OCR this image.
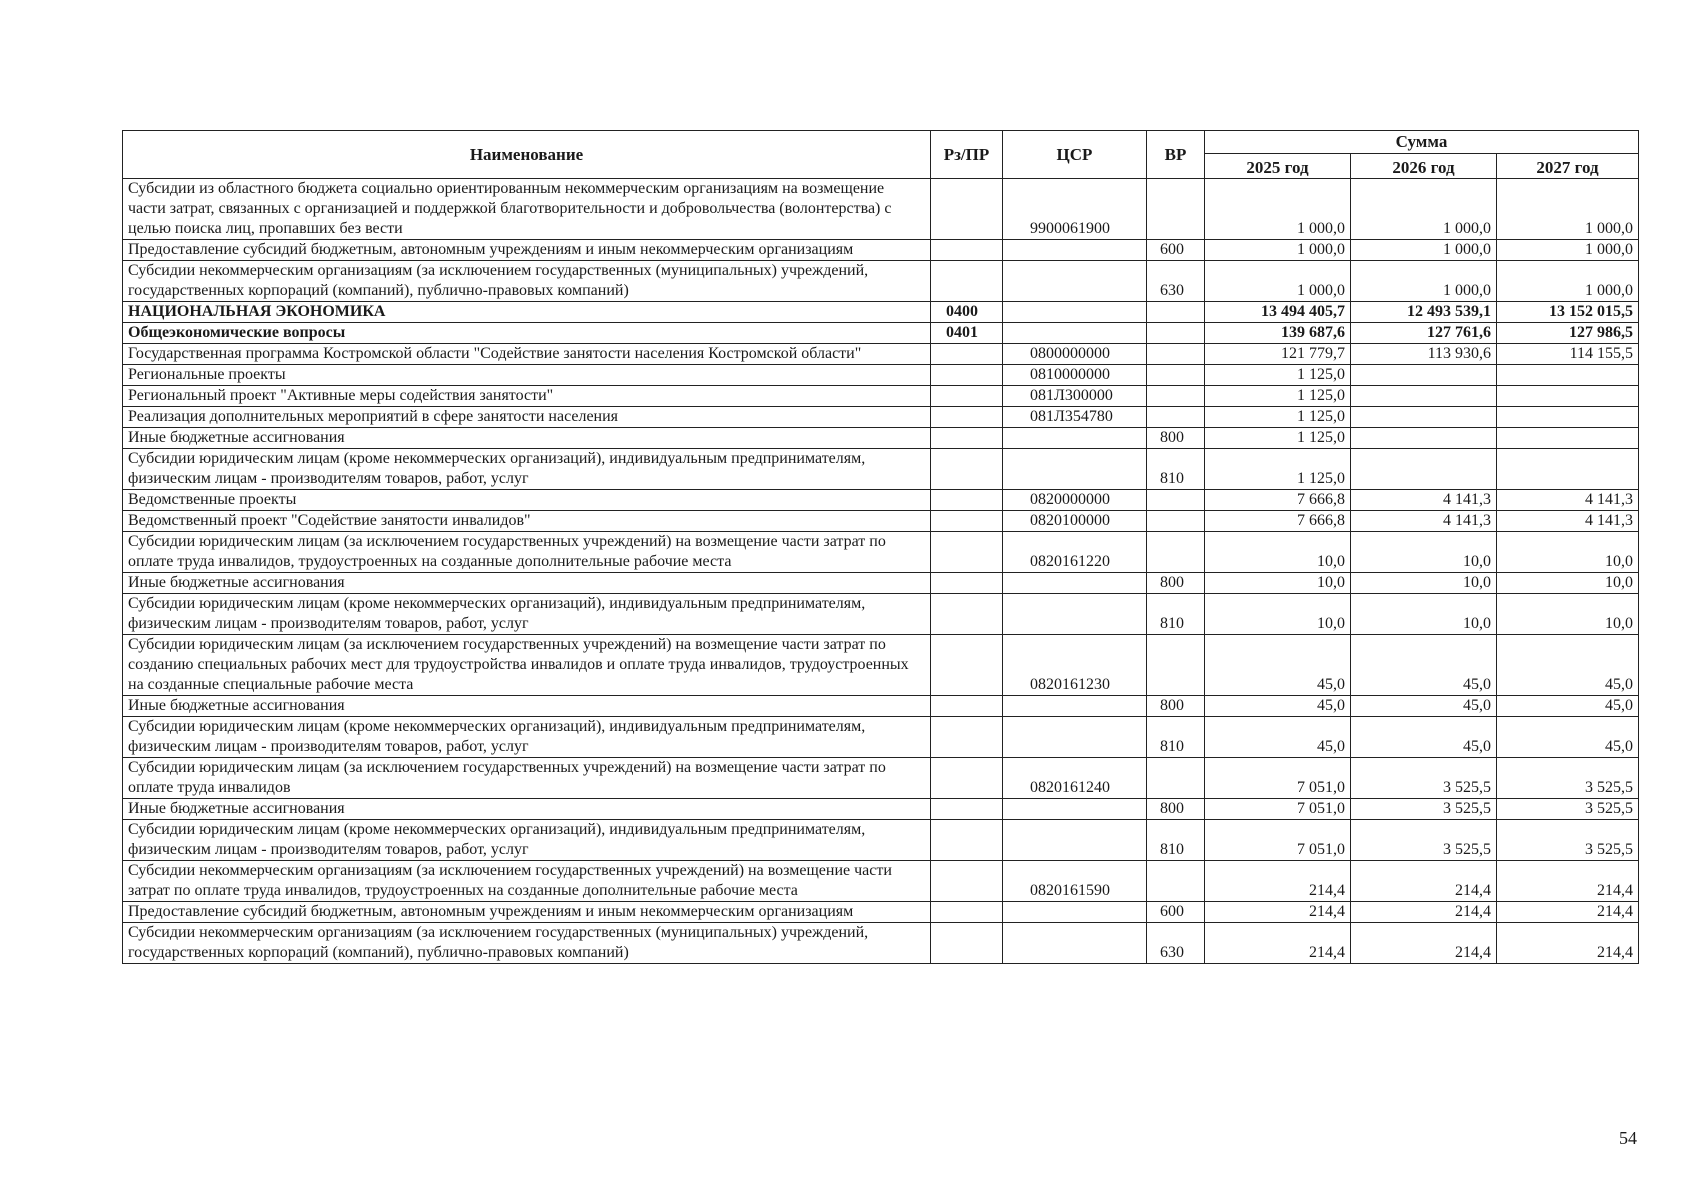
Наименование	Рз/ПР	ЦСР	ВР	Сумма		
				2025 год	2026 год	2027 год
Субсидии из областного бюджета социально ориентированным некоммерческим организациям на возмещение части затрат, связанных с организацией и поддержкой благотворительности и добровольчества (волонтерства) с целью поиска лиц, пропавших без вести		9900061900		1 000,0	1 000,0	1 000,0
Предоставление субсидий бюджетным, автономным учреждениям и иным некоммерческим организациям			600	1 000,0	1 000,0	1 000,0
Субсидии некоммерческим организациям (за исключением государственных (муниципальных) учреждений, государственных корпораций (компаний), публично-правовых компаний)			630	1 000,0	1 000,0	1 000,0
НАЦИОНАЛЬНАЯ ЭКОНОМИКА	0400			13 494 405,7	12 493 539,1	13 152 015,5
Общеэкономические вопросы	0401			139 687,6	127 761,6	127 986,5
Государственная программа Костромской области "Содействие занятости населения Костромской области"		0800000000		121 779,7	113 930,6	114 155,5
Региональные проекты		0810000000		1 125,0		
Региональный проект "Активные меры содействия занятости"		081Л300000		1 125,0		
Реализация дополнительных мероприятий в сфере занятости населения		081Л354780		1 125,0		
Иные бюджетные ассигнования			800	1 125,0		
Субсидии юридическим лицам (кроме некоммерческих организаций), индивидуальным предпринимателям, физическим лицам - производителям товаров, работ, услуг			810	1 125,0		
Ведомственные проекты		0820000000		7 666,8	4 141,3	4 141,3
Ведомственный проект "Содействие занятости инвалидов"		0820100000		7 666,8	4 141,3	4 141,3
Субсидии юридическим лицам (за исключением государственных учреждений) на возмещение части затрат по оплате труда инвалидов, трудоустроенных на созданные дополнительные рабочие места		0820161220		10,0	10,0	10,0
Иные бюджетные ассигнования			800	10,0	10,0	10,0
Субсидии юридическим лицам (кроме некоммерческих организаций), индивидуальным предпринимателям, физическим лицам - производителям товаров, работ, услуг			810	10,0	10,0	10,0
Субсидии юридическим лицам (за исключением государственных учреждений) на возмещение части затрат по созданию специальных рабочих мест для трудоустройства инвалидов и оплате труда инвалидов, трудоустроенных на созданные специальные рабочие места		0820161230		45,0	45,0	45,0
Иные бюджетные ассигнования			800	45,0	45,0	45,0
Субсидии юридическим лицам (кроме некоммерческих организаций), индивидуальным предпринимателям, физическим лицам - производителям товаров, работ, услуг			810	45,0	45,0	45,0
Субсидии юридическим лицам (за исключением государственных учреждений) на возмещение части затрат по оплате труда инвалидов		0820161240		7 051,0	3 525,5	3 525,5
Иные бюджетные ассигнования			800	7 051,0	3 525,5	3 525,5
Субсидии юридическим лицам (кроме некоммерческих организаций), индивидуальным предпринимателям, физическим лицам - производителям товаров, работ, услуг			810	7 051,0	3 525,5	3 525,5
Субсидии некоммерческим организациям (за исключением государственных учреждений) на возмещение части затрат по оплате труда инвалидов, трудоустроенных на созданные дополнительные рабочие места		0820161590		214,4	214,4	214,4
Предоставление субсидий бюджетным, автономным учреждениям и иным некоммерческим организациям			600	214,4	214,4	214,4
Субсидии некоммерческим организациям (за исключением государственных (муниципальных) учреждений, государственных корпораций (компаний), публично-правовых компаний)			630	214,4	214,4	214,4
54
